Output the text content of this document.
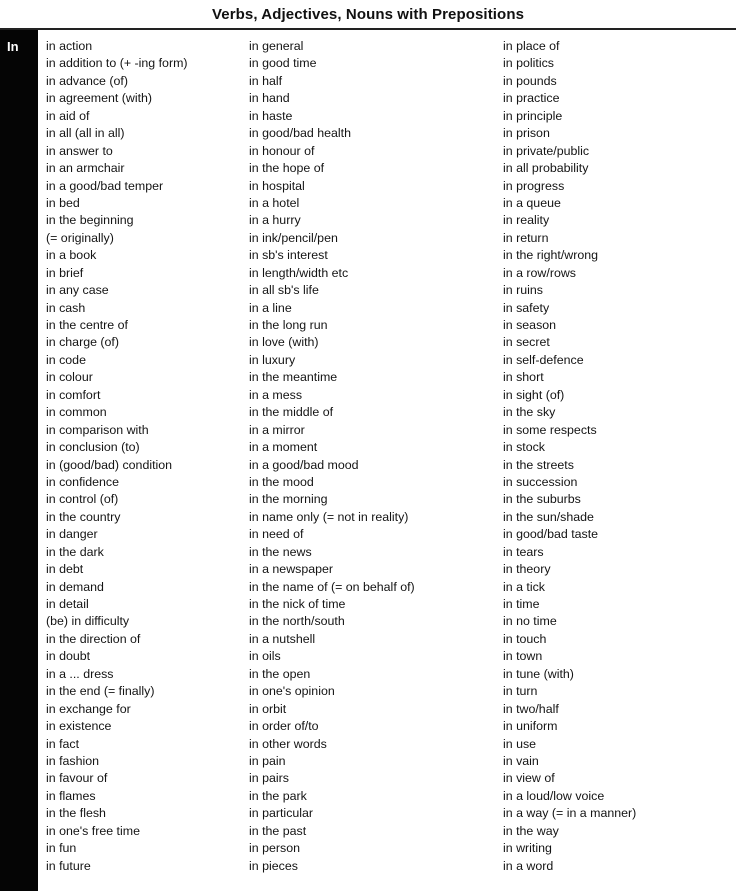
Verbs, Adjectives, Nouns with Prepositions
In in action
in addition to (+ -ing form)
in advance (of)
in agreement (with)
in aid of
in all (all in all)
in answer to
in an armchair
in a good/bad temper
in bed
in the beginning
(= originally)
in a book
in brief
in any case
in cash
in the centre of
in charge (of)
in code
in colour
in comfort
in common
in comparison with
in conclusion (to)
in (good/bad) condition
in confidence
in control (of)
in the country
in danger
in the dark
in debt
in demand
in detail
(be) in difficulty
in the direction of
in doubt
in a ... dress
in the end (= finally)
in exchange for
in existence
in fact
in fashion
in favour of
in flames
in the flesh
in one's free time
in fun
in future
in general
in good time
in half
in hand
in haste
in good/bad health
in honour of
in the hope of
in hospital
in a hotel
in a hurry
in ink/pencil/pen
in sb's interest
in length/width etc
in all sb's life
in a line
in the long run
in love (with)
in luxury
in the meantime
in a mess
in the middle of
in a mirror
in a moment
in a good/bad mood
in the mood
in the morning
in name only (= not in reality)
in need of
in the news
in a newspaper
in the name of (= on behalf of)
in the nick of time
in the north/south
in a nutshell
in oils
in the open
in one's opinion
in orbit
in order of/to
in other words
in pain
in pairs
in the park
in particular
in the past
in person
in pieces
in place of
in politics
in pounds
in practice
in principle
in prison
in private/public
in all probability
in progress
in a queue
in reality
in return
in the right/wrong
in a row/rows
in ruins
in safety
in season
in secret
in self-defence
in short
in sight (of)
in the sky
in some respects
in stock
in the streets
in succession
in the suburbs
in the sun/shade
in good/bad taste
in tears
in theory
in a tick
in time
in no time
in touch
in town
in tune (with)
in turn
in two/half
in uniform
in use
in vain
in view of
in a loud/low voice
in a way (= in a manner)
in the way
in writing
in a word
